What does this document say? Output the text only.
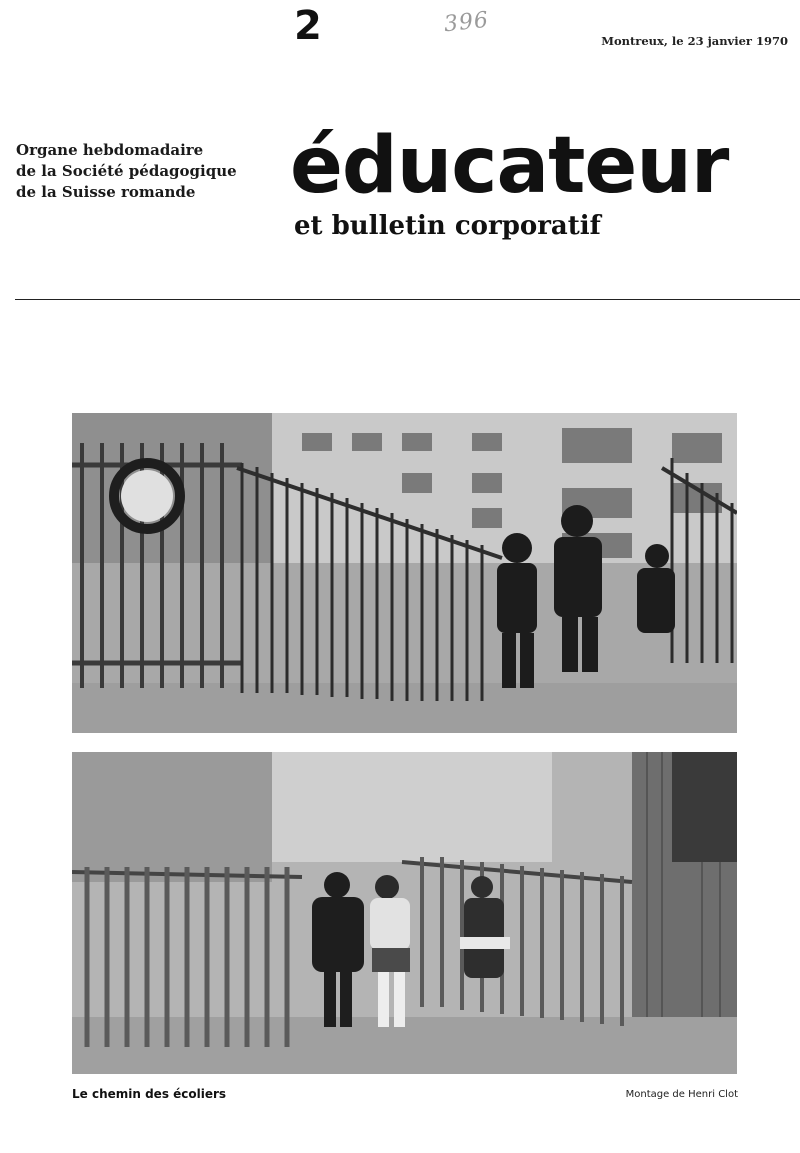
2	396
Montreux, le 23 janvier 1970
Organe hebdomadaire
de la Société pédagogique
de la Suisse romande	éducateur
et bulletin corporatif
Le chemin des écoliers	Montage de Henri Clot
